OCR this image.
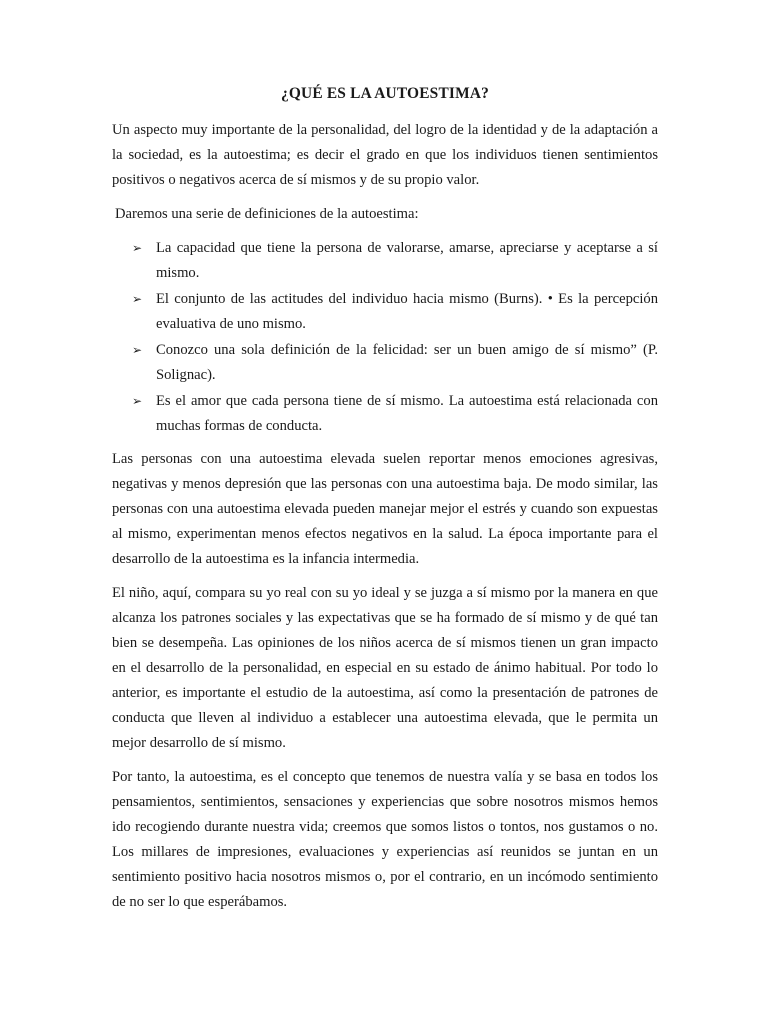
¿QUÉ ES LA AUTOESTIMA?

Un aspecto muy importante de la personalidad, del logro de la identidad y de la adaptación a la sociedad, es la autoestima; es decir el grado en que los individuos tienen sentimientos positivos o negativos acerca de sí mismos y de su propio valor.

Daremos una serie de definiciones de la autoestima:

➢ La capacidad que tiene la persona de valorarse, amarse, apreciarse y aceptarse a sí mismo.
➢ El conjunto de las actitudes del individuo hacia mismo (Burns). • Es la percepción evaluativa de uno mismo.
➢ Conozco una sola definición de la felicidad: ser un buen amigo de sí mismo” (P. Solignac).
➢ Es el amor que cada persona tiene de sí mismo. La autoestima está relacionada con muchas formas de conducta.

Las personas con una autoestima elevada suelen reportar menos emociones agresivas, negativas y menos depresión que las personas con una autoestima baja. De modo similar, las personas con una autoestima elevada pueden manejar mejor el estrés y cuando son expuestas al mismo, experimentan menos efectos negativos en la salud. La época importante para el desarrollo de la autoestima es la infancia intermedia.

El niño, aquí, compara su yo real con su yo ideal y se juzga a sí mismo por la manera en que alcanza los patrones sociales y las expectativas que se ha formado de sí mismo y de qué tan bien se desempeña. Las opiniones de los niños acerca de sí mismos tienen un gran impacto en el desarrollo de la personalidad, en especial en su estado de ánimo habitual. Por todo lo anterior, es importante el estudio de la autoestima, así como la presentación de patrones de conducta que lleven al individuo a establecer una autoestima elevada, que le permita un mejor desarrollo de sí mismo.

Por tanto, la autoestima, es el concepto que tenemos de nuestra valía y se basa en todos los pensamientos, sentimientos, sensaciones y experiencias que sobre nosotros mismos hemos ido recogiendo durante nuestra vida; creemos que somos listos o tontos, nos gustamos o no. Los millares de impresiones, evaluaciones y experiencias así reunidos se juntan en un sentimiento positivo hacia nosotros mismos o, por el contrario, en un incómodo sentimiento de no ser lo que esperábamos.
